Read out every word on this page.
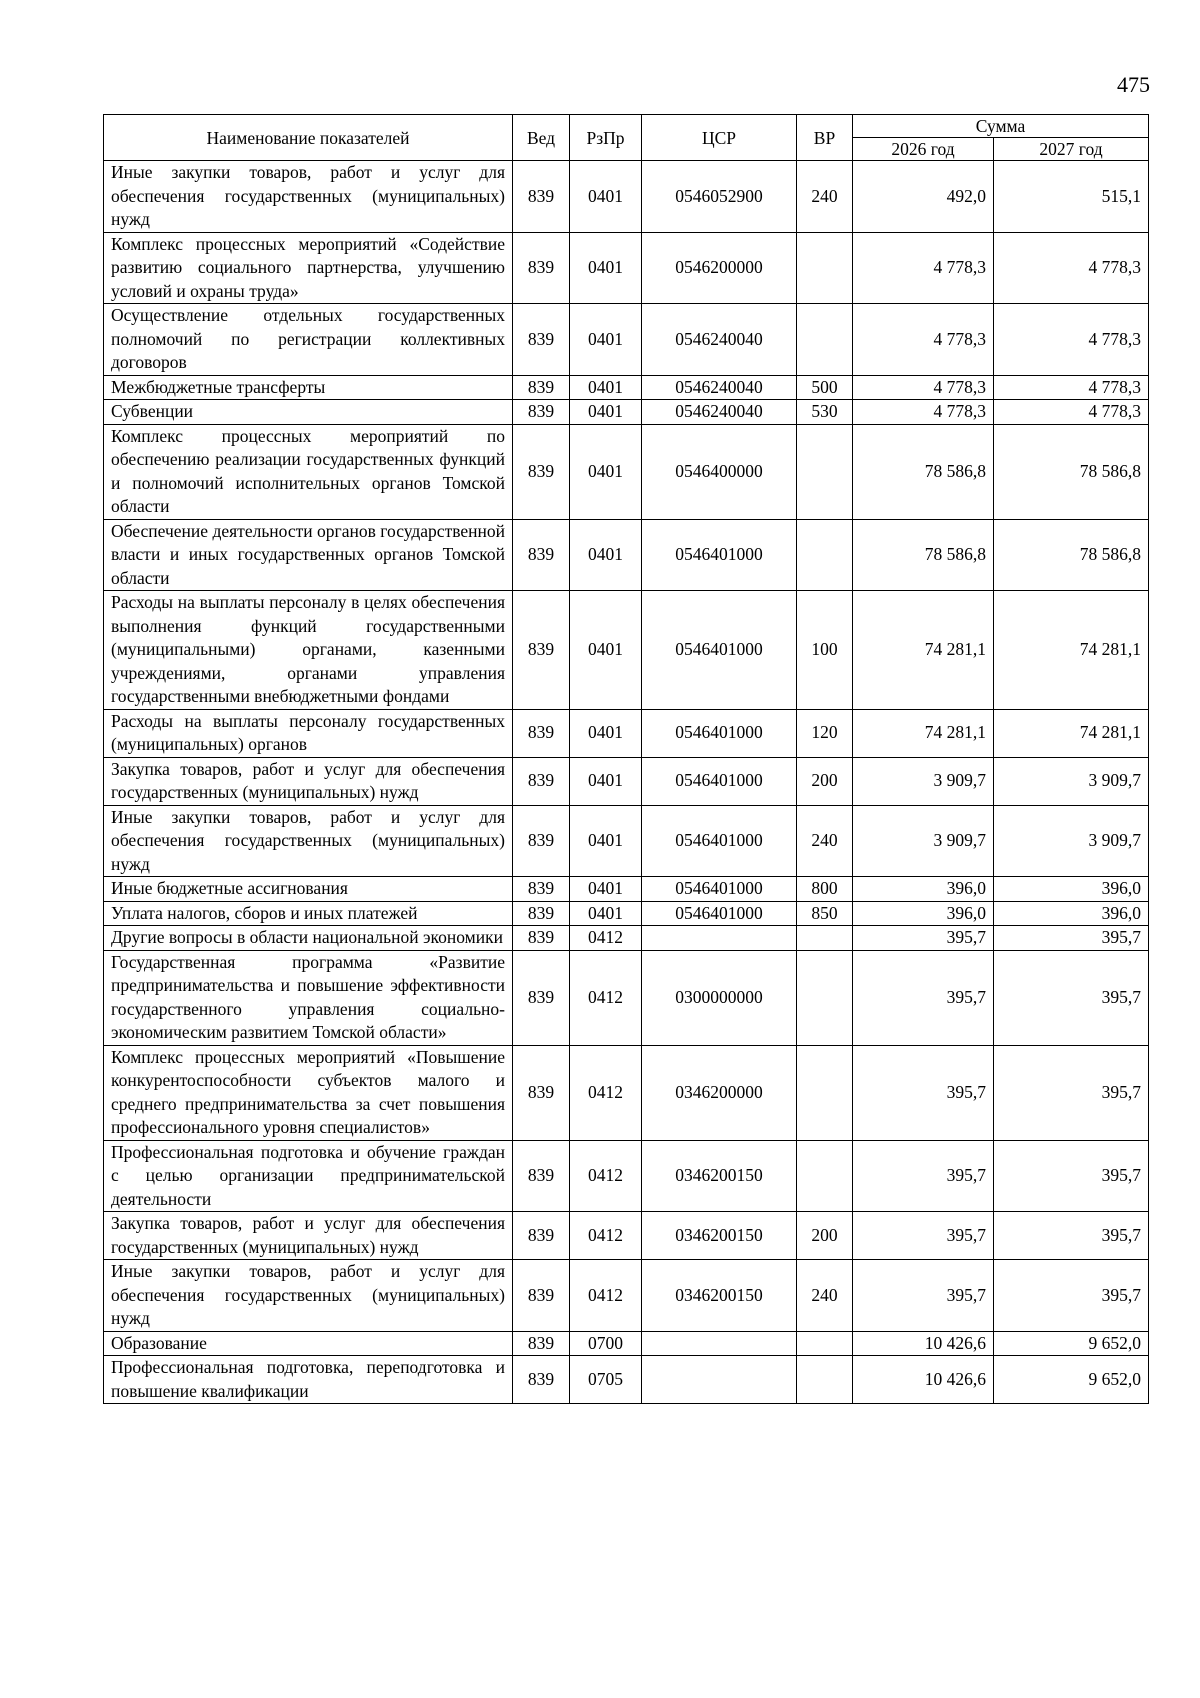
475
Наименование показателей	Вед	РзПр	ЦСР	ВР	Сумма	
					2026 год	2027 год
Иные закупки товаров, работ и услуг для обеспечения государственных (муниципальных) нужд	839	0401	0546052900	240	492,0	515,1
Комплекс процессных мероприятий «Содействие развитию социального партнерства, улучшению условий и охраны труда»	839	0401	0546200000		4 778,3	4 778,3
Осуществление отдельных государственных полномочий по регистрации коллективных договоров	839	0401	0546240040		4 778,3	4 778,3
Межбюджетные трансферты	839	0401	0546240040	500	4 778,3	4 778,3
Субвенции	839	0401	0546240040	530	4 778,3	4 778,3
Комплекс процессных мероприятий по обеспечению реализации государственных функций и полномочий исполнительных органов Томской области	839	0401	0546400000		78 586,8	78 586,8
Обеспечение деятельности органов государственной власти и иных государственных органов Томской области	839	0401	0546401000		78 586,8	78 586,8
Расходы на выплаты персоналу в целях обеспечения выполнения функций государственными (муниципальными) органами, казенными учреждениями, органами управления государственными внебюджетными фондами	839	0401	0546401000	100	74 281,1	74 281,1
Расходы на выплаты персоналу государственных (муниципальных) органов	839	0401	0546401000	120	74 281,1	74 281,1
Закупка товаров, работ и услуг для обеспечения государственных (муниципальных) нужд	839	0401	0546401000	200	3 909,7	3 909,7
Иные закупки товаров, работ и услуг для обеспечения государственных (муниципальных) нужд	839	0401	0546401000	240	3 909,7	3 909,7
Иные бюджетные ассигнования	839	0401	0546401000	800	396,0	396,0
Уплата налогов, сборов и иных платежей	839	0401	0546401000	850	396,0	396,0
Другие вопросы в области национальной экономики	839	0412			395,7	395,7
Государственная программа «Развитие предпринимательства и повышение эффективности государственного управления социально-экономическим развитием Томской области»	839	0412	0300000000		395,7	395,7
Комплекс процессных мероприятий «Повышение конкурентоспособности субъектов малого и среднего предпринимательства за счет повышения профессионального уровня специалистов»	839	0412	0346200000		395,7	395,7
Профессиональная подготовка и обучение граждан с целью организации предпринимательской деятельности	839	0412	0346200150		395,7	395,7
Закупка товаров, работ и услуг для обеспечения государственных (муниципальных) нужд	839	0412	0346200150	200	395,7	395,7
Иные закупки товаров, работ и услуг для обеспечения государственных (муниципальных) нужд	839	0412	0346200150	240	395,7	395,7
Образование	839	0700			10 426,6	9 652,0
Профессиональная подготовка, переподготовка и повышение квалификации	839	0705			10 426,6	9 652,0
